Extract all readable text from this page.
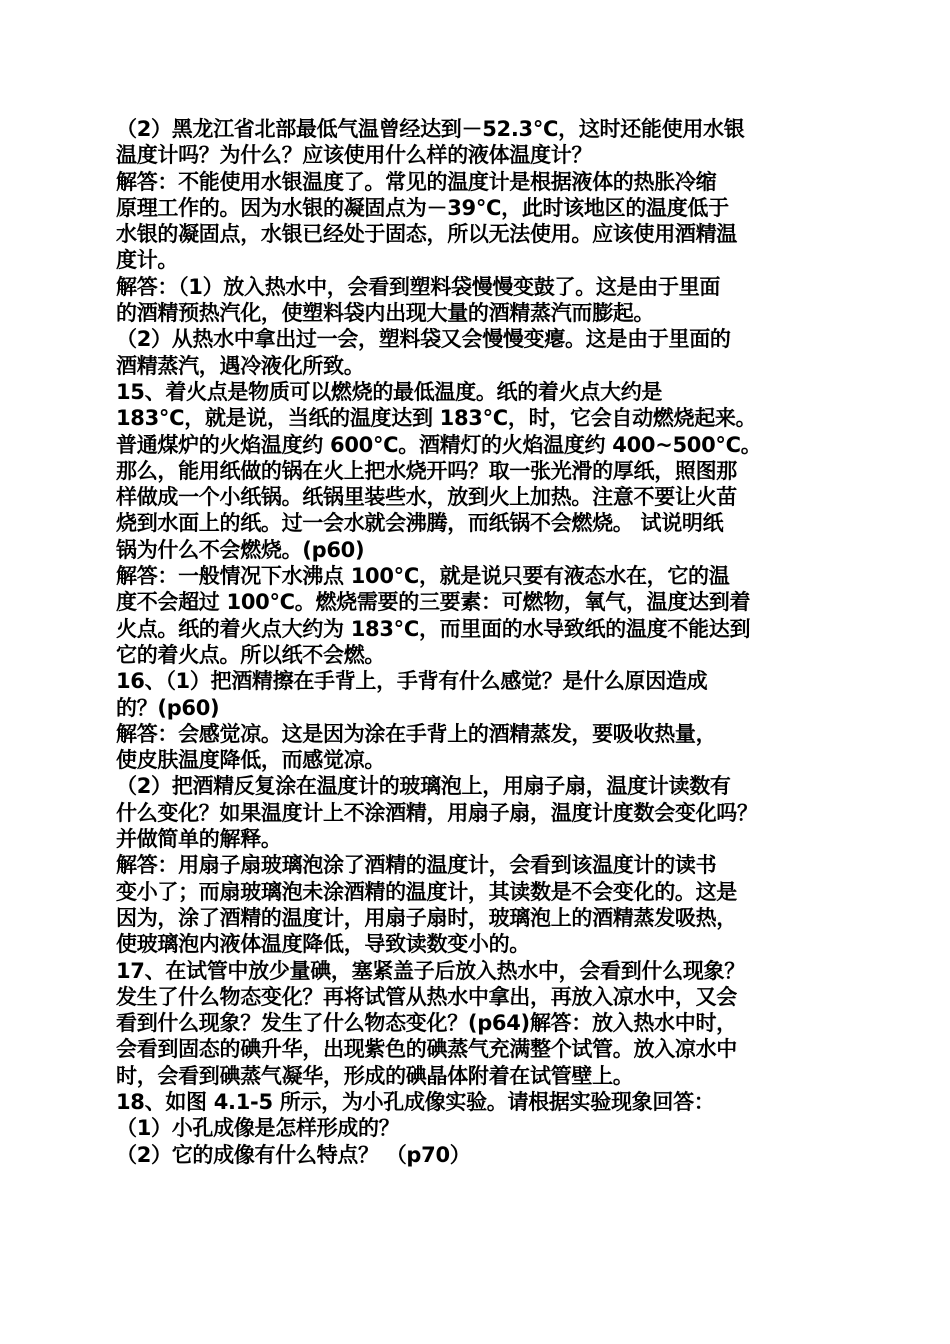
（2）黑龙江省北部最低气温曾经达到－52.3°C，这时还能使用水银
温度计吗？为什么？应该使用什么样的液体温度计？
解答：不能使用水银温度了。常见的温度计是根据液体的热胀冷缩
原理工作的。因为水银的凝固点为－39°C，此时该地区的温度低于
水银的凝固点，水银已经处于固态，所以无法使用。应该使用酒精温
度计。
解答：（1）放入热水中，会看到塑料袋慢慢变鼓了。这是由于里面
的酒精预热汽化，使塑料袋内出现大量的酒精蒸汽而膨起。
（2）从热水中拿出过一会，塑料袋又会慢慢变瘪。这是由于里面的
酒精蒸汽，遇冷液化所致。
15、着火点是物质可以燃烧的最低温度。纸的着火点大约是
183°C，就是说，当纸的温度达到 183°C，时，它会自动燃烧起来。
普通煤炉的火焰温度约 600°C。酒精灯的火焰温度约 400~500°C。
那么，能用纸做的锅在火上把水烧开吗？取一张光滑的厚纸，照图那
样做成一个小纸锅。纸锅里装些水，放到火上加热。注意不要让火苗
烧到水面上的纸。过一会水就会沸腾，而纸锅不会燃烧。 试说明纸
锅为什么不会燃烧。(p60)
解答：一般情况下水沸点 100°C，就是说只要有液态水在，它的温
度不会超过 100°C。燃烧需要的三要素：可燃物，氧气，温度达到着
火点。纸的着火点大约为 183°C，而里面的水导致纸的温度不能达到
它的着火点。所以纸不会燃。
16、（1）把酒精擦在手背上，手背有什么感觉？是什么原因造成
的？(p60)
解答：会感觉凉。这是因为涂在手背上的酒精蒸发，要吸收热量，
使皮肤温度降低，而感觉凉。
（2）把酒精反复涂在温度计的玻璃泡上，用扇子扇，温度计读数有
什么变化？如果温度计上不涂酒精，用扇子扇，温度计度数会变化吗？
并做简单的解释。
解答：用扇子扇玻璃泡涂了酒精的温度计，会看到该温度计的读书
变小了；而扇玻璃泡未涂酒精的温度计，其读数是不会变化的。这是
因为，涂了酒精的温度计，用扇子扇时，玻璃泡上的酒精蒸发吸热，
使玻璃泡内液体温度降低，导致读数变小的。
17、在试管中放少量碘，塞紧盖子后放入热水中，会看到什么现象？
发生了什么物态变化？再将试管从热水中拿出，再放入凉水中，又会
看到什么现象？发生了什么物态变化？(p64)解答：放入热水中时，
会看到固态的碘升华，出现紫色的碘蒸气充满整个试管。放入凉水中
时，会看到碘蒸气凝华，形成的碘晶体附着在试管壁上。
18、如图 4.1-5 所示，为小孔成像实验。请根据实验现象回答：
（1）小孔成像是怎样形成的？
（2）它的成像有什么特点？ （p70）
